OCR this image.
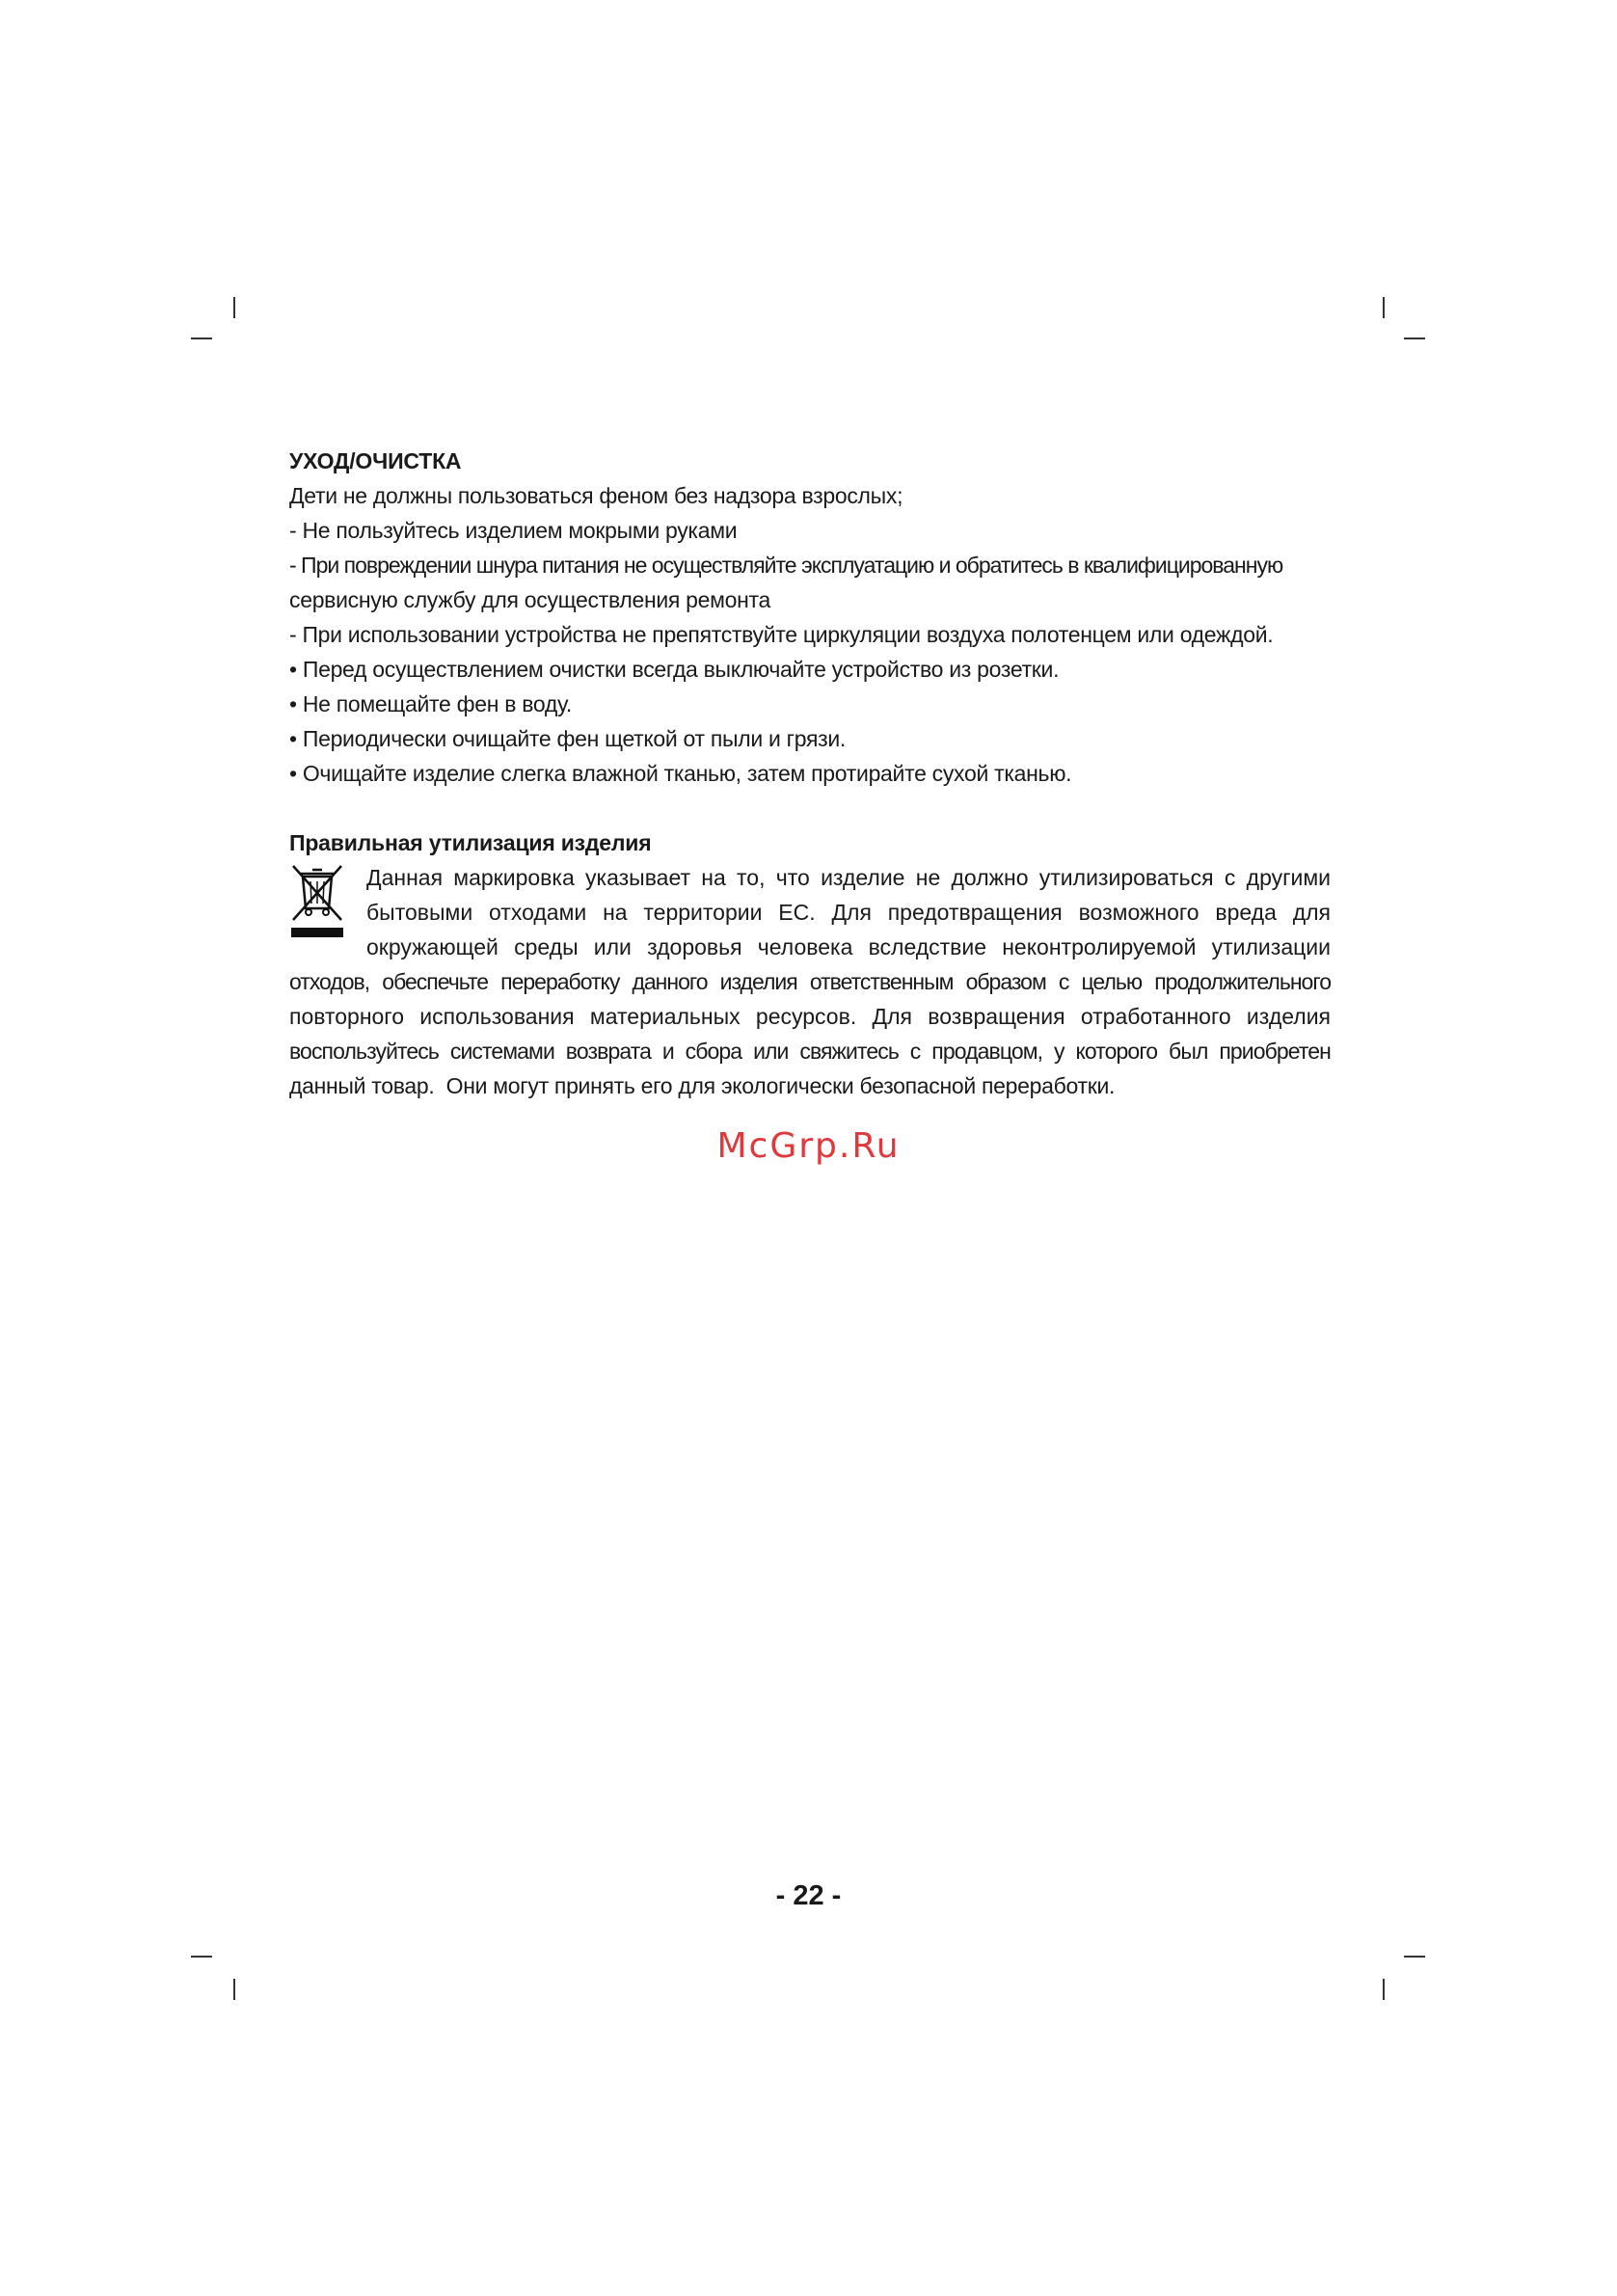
УХОД/ОЧИСТКА

Дети не должны пользоваться феном без надзора взрослых;

- Не пользуйтесь изделием мокрыми руками

- При повреждении шнура питания не осуществляйте эксплуатацию и обратитесь в квалифицированную

сервисную службу для осуществления ремонта

- При использовании устройства не препятствуйте циркуляции воздуха полотенцем или одеждой.

• Перед осуществлением очистки всегда выключайте устройство из розетки.

• Не помещайте фен в воду.

• Периодически очищайте фен щеткой от пыли и грязи.

• Очищайте изделие слегка влажной тканью, затем протирайте сухой тканью.

Правильная утилизация изделия

Данная маркировка указывает на то, что изделие не должно утилизироваться с другими

бытовыми отходами на территории ЕС. Для предотвращения возможного вреда для

окружающей среды или здоровья человека вследствие неконтролируемой утилизации

отходов, обеспечьте переработку данного изделия ответственным образом с целью продолжительного

повторного использования материальных ресурсов. Для возвращения отработанного изделия

воспользуйтесь системами возврата и сбора или свяжитесь с продавцом, у которого был приобретен

данный товар.  Они могут принять его для экологически безопасной переработки.

McGrp.Ru
- 22 -
